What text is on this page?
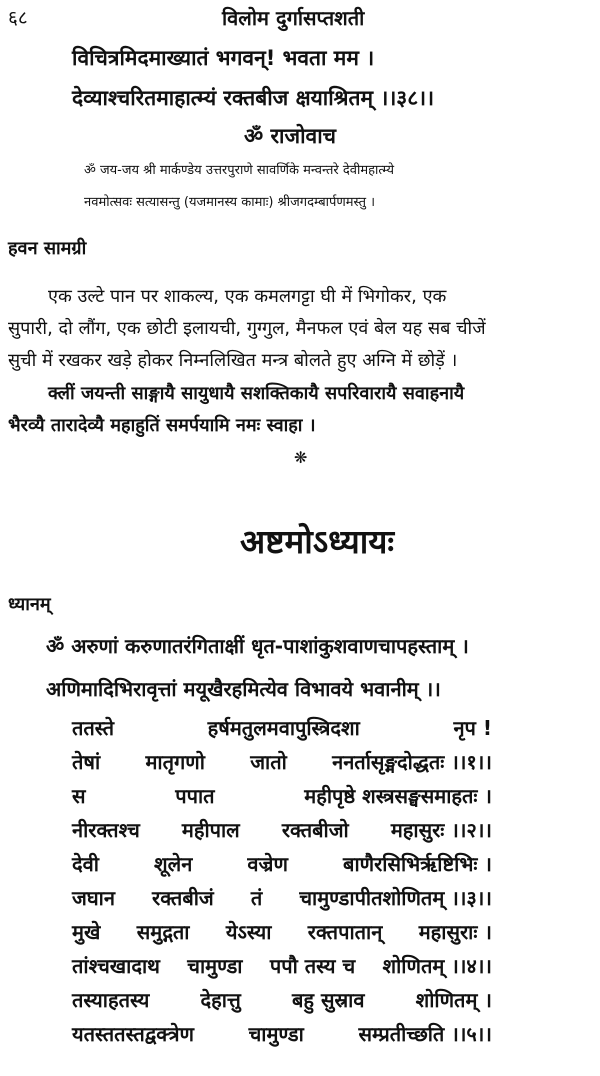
६८	विलोम दुर्गासप्तशती
विचित्रमिदमाख्यातं भगवन्! भवता मम ।
देव्याश्चरितमाहात्म्यं रक्तबीज क्षयाश्रितम् ।।३८।।
ॐ राजोवाच
ॐ जय-जय श्री मार्कण्डेय उत्तरपुराणे सावर्णिके मन्वन्तरे देवीमहात्म्ये
नवमोत्सवः सत्यासन्तु (यजमानस्य कामाः) श्रीजगदम्बार्पणमस्तु ।
हवन सामग्री
एक उल्टे पान पर शाकल्य, एक कमलगट्टा घी में भिगोकर, एक
सुपारी, दो लौंग, एक छोटी इलायची, गुग्गुल, मैनफल एवं बेल यह सब चीजें
सुची में रखकर खड़े होकर निम्नलिखित मन्त्र बोलते हुए अग्नि में छोड़ें ।
क्लीं जयन्ती साङ्गायै सायुधायै सशक्तिकायै सपरिवारायै सवाहनायै
भैरव्यै तारादेव्यै महाहुतिं समर्पयामि नमः स्वाहा ।
❋
अष्टमोऽध्यायः
ध्यानम्
ॐ अरुणां करुणातरंगिताक्षीं धृत-पाशांकुशवाणचापहस्ताम् ।
अणिमादिभिरावृत्तां मयूखैरहमित्येव विभावये भवानीम् ।।
ततस्ते	हर्षमतुलमवापुस्त्रिदशा	नृप !
तेषां मातृगणो जातो ननर्तासृङ्मदोद्धतः ।।१।।
स	पपात	महीपृष्ठे शस्त्रसङ्घसमाहतः ।
नीरक्तश्च महीपाल रक्तबीजो महासुरः ।।२।।
देवी	शूलेन	वज्रेण	बाणैरसिभिर्ऋष्टिभिः ।
जघान रक्तबीजं तं चामुण्डापीतशोणितम् ।।३।।
मुखे समुद्गता येऽस्या रक्तपातान् महासुराः ।
तांश्चखादाथ चामुण्डा पपौ तस्य च शोणितम् ।।४।।
तस्याहतस्य	देहात्तु	बहु सुस्राव	शोणितम् ।
यतस्ततस्तद्वक्त्रेण	चामुण्डा	सम्प्रतीच्छति ।।५।।
